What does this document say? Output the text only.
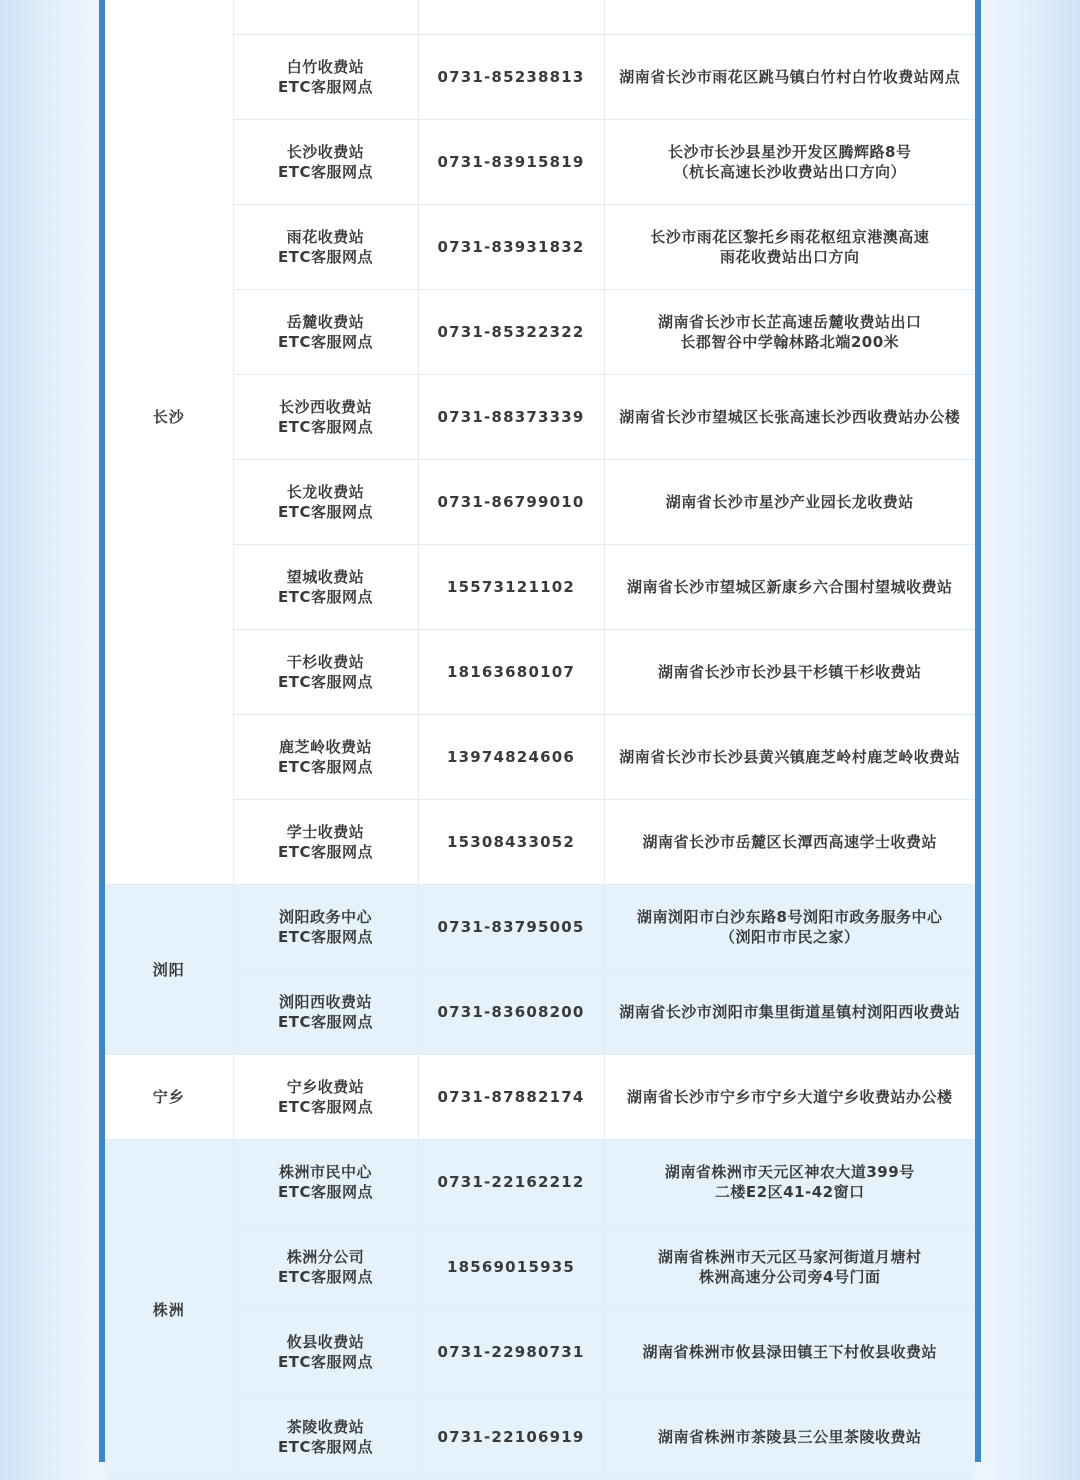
长沙	

	白竹收费站
ETC客服网点	0731-85238813	湖南省长沙市雨花区跳马镇白竹村白竹收费站网点

	长沙收费站
ETC客服网点	0731-83915819	长沙市长沙县星沙开发区腾辉路8号
（杭长高速长沙收费站出口方向）

	雨花收费站
ETC客服网点	0731-83931832	长沙市雨花区黎托乡雨花枢纽京港澳高速
雨花收费站出口方向

	岳麓收费站
ETC客服网点	0731-85322322	湖南省长沙市长芷高速岳麓收费站出口
长郡智谷中学翰林路北端200米

	长沙西收费站
ETC客服网点	0731-88373339	湖南省长沙市望城区长张高速长沙西收费站办公楼

	长龙收费站
ETC客服网点	0731-86799010	湖南省长沙市星沙产业园长龙收费站

	望城收费站
ETC客服网点	15573121102	湖南省长沙市望城区新康乡六合围村望城收费站

	干杉收费站
ETC客服网点	18163680107	湖南省长沙市长沙县干杉镇干杉收费站

	鹿芝岭收费站
ETC客服网点	13974824606	湖南省长沙市长沙县黄兴镇鹿芝岭村鹿芝岭收费站

	学士收费站
ETC客服网点	15308433052	湖南省长沙市岳麓区长潭西高速学士收费站

浏阳	浏阳政务中心
ETC客服网点	0731-83795005	湖南浏阳市白沙东路8号浏阳市政务服务中心
（浏阳市市民之家）

	浏阳西收费站
ETC客服网点	0731-83608200	湖南省长沙市浏阳市集里街道星镇村浏阳西收费站

宁乡	宁乡收费站
ETC客服网点	0731-87882174	湖南省长沙市宁乡市宁乡大道宁乡收费站办公楼

株洲	株洲市民中心
ETC客服网点	0731-22162212	湖南省株洲市天元区神农大道399号
二楼E2区41-42窗口

	株洲分公司
ETC客服网点	18569015935	湖南省株洲市天元区马家河街道月塘村
株洲高速分公司旁4号门面

	攸县收费站
ETC客服网点	0731-22980731	湖南省株洲市攸县渌田镇王下村攸县收费站

	茶陵收费站
ETC客服网点	0731-22106919	湖南省株洲市茶陵县三公里茶陵收费站
